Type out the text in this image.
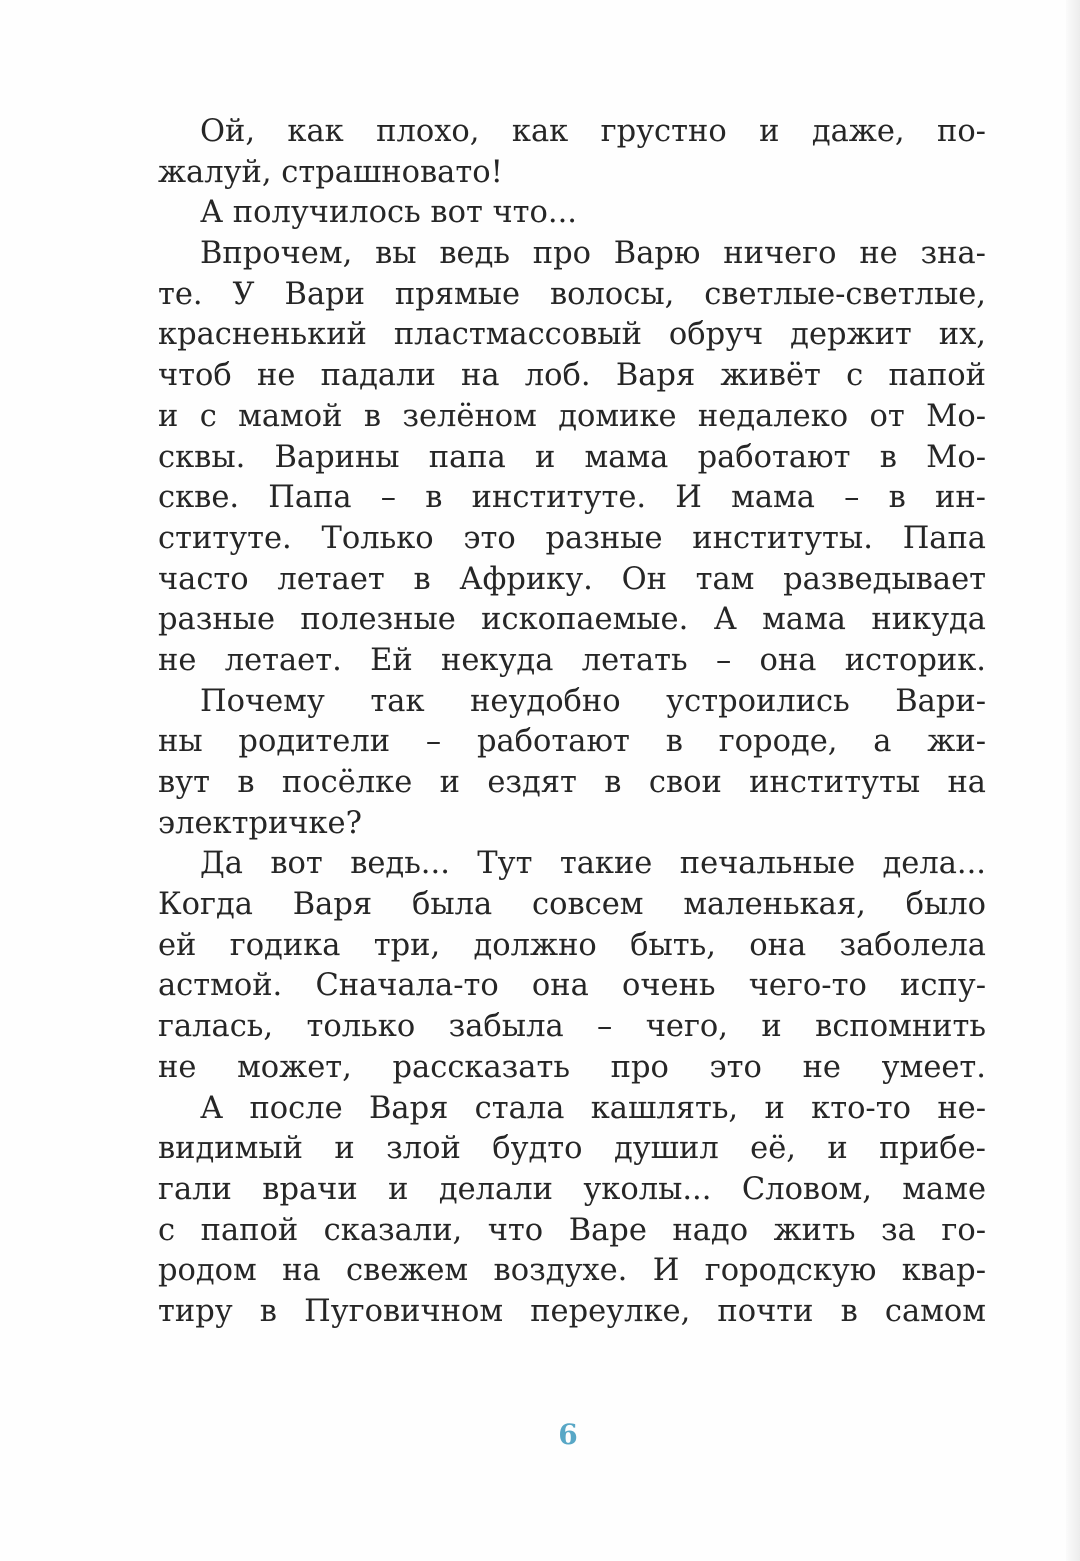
Ой, как плохо, как грустно и даже, по-
жалуй, страшновато!
А получилось вот что...
Впрочем, вы ведь про Варю ничего не зна-
те. У Вари прямые волосы, светлые-светлые,
красненький пластмассовый обруч держит их,
чтоб не падали на лоб. Варя живёт с папой
и с мамой в зелёном домике недалеко от Мо-
сквы. Варины папа и мама работают в Мо-
скве. Папа – в институте. И мама – в ин-
ституте. Только это разные институты. Папа
часто летает в Африку. Он там разведывает
разные полезные ископаемые. А мама никуда
не летает. Ей некуда летать – она историк.
Почему так неудобно устроились Вари-
ны родители – работают в городе, а жи-
вут в посёлке и ездят в свои институты на
электричке?
Да вот ведь... Тут такие печальные дела...
Когда Варя была совсем маленькая, было
ей годика три, должно быть, она заболела
астмой. Сначала-то она очень чего-то испу-
галась, только забыла – чего, и вспомнить
не может, рассказать про это не умеет.
А после Варя стала кашлять, и кто-то не-
видимый и злой будто душил её, и прибе-
гали врачи и делали уколы... Словом, маме
с папой сказали, что Варе надо жить за го-
родом на свежем воздухе. И городскую квар-
тиру в Пуговичном переулке, почти в самом
6
